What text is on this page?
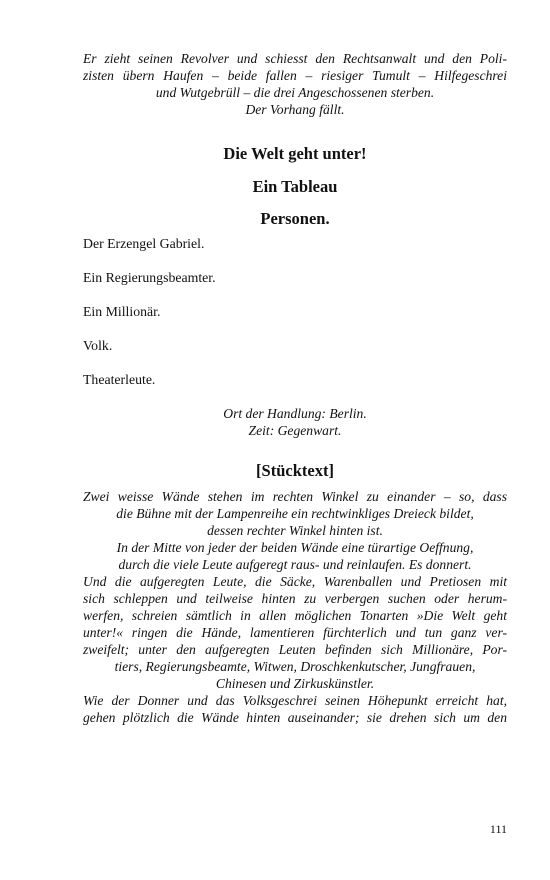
Er zieht seinen Revolver und schiesst den Rechtsanwalt und den Poli-
zisten übern Haufen – beide fallen – riesiger Tumult – Hilfegeschrei
und Wutgebrüll – die drei Angeschossenen sterben.
Der Vorhang fällt.
Die Welt geht unter!
Ein Tableau
Personen.
Der Erzengel Gabriel.
Ein Regierungsbeamter.
Ein Millionär.
Volk.
Theaterleute.
Ort der Handlung: Berlin.
Zeit: Gegenwart.
[Stücktext]
Zwei weisse Wände stehen im rechten Winkel zu einander – so, dass
die Bühne mit der Lampenreihe ein rechtwinkliges Dreieck bildet,
dessen rechter Winkel hinten ist.
In der Mitte von jeder der beiden Wände eine türartige Oeffnung,
durch die viele Leute aufgeregt raus- und reinlaufen. Es donnert.
Und die aufgeregten Leute, die Säcke, Warenballen und Pretiosen mit
sich schleppen und teilweise hinten zu verbergen suchen oder herum-
werfen, schreien sämtlich in allen möglichen Tonarten »Die Welt geht
unter!« ringen die Hände, lamentieren fürchterlich und tun ganz ver-
zweifelt; unter den aufgeregten Leuten befinden sich Millionäre, Por-
tiers, Regierungsbeamte, Witwen, Droschkenkutscher, Jungfrauen,
Chinesen und Zirkuskünstler.
Wie der Donner und das Volksgeschrei seinen Höhepunkt erreicht hat,
gehen plötzlich die Wände hinten auseinander; sie drehen sich um den
111
